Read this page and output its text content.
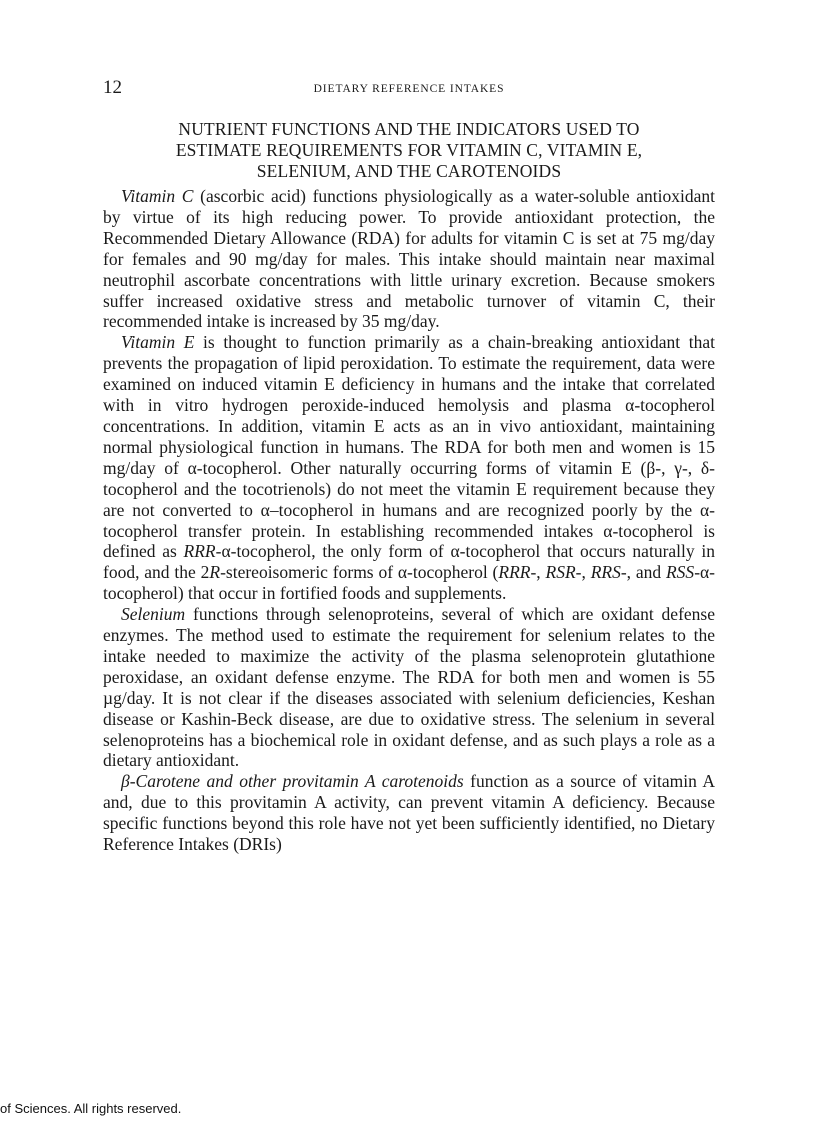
12	DIETARY REFERENCE INTAKES
NUTRIENT FUNCTIONS AND THE INDICATORS USED TO
ESTIMATE REQUIREMENTS FOR VITAMIN C, VITAMIN E,
SELENIUM, AND THE CAROTENOIDS

Vitamin C (ascorbic acid) functions physiologically as a water-soluble antioxidant by virtue of its high reducing power. To provide antioxidant protection, the Recommended Dietary Allowance (RDA) for adults for vitamin C is set at 75 mg/day for females and 90 mg/day for males. This intake should maintain near maximal neutrophil ascorbate concentrations with little urinary excretion. Because smokers suffer increased oxidative stress and metabolic turnover of vitamin C, their recommended intake is increased by 35 mg/day.

Vitamin E is thought to function primarily as a chain-breaking antioxidant that prevents the propagation of lipid peroxidation. To estimate the requirement, data were examined on induced vitamin E deficiency in humans and the intake that correlated with in vitro hydrogen peroxide-induced hemolysis and plasma α-tocopherol concentrations. In addition, vitamin E acts as an in vivo antioxidant, maintaining normal physiological function in humans. The RDA for both men and women is 15 mg/day of α-tocopherol. Other naturally occurring forms of vitamin E (β-, γ-, δ-tocopherol and the tocotrienols) do not meet the vitamin E requirement because they are not converted to α–tocopherol in humans and are recognized poorly by the α-tocopherol transfer protein. In establishing recommended intakes α-tocopherol is defined as RRR-α-tocopherol, the only form of α-tocopherol that occurs naturally in food, and the 2R-stereoisomeric forms of α-tocopherol (RRR-, RSR-, RRS-, and RSS-α-tocopherol) that occur in fortified foods and supplements.

Selenium functions through selenoproteins, several of which are oxidant defense enzymes. The method used to estimate the requirement for selenium relates to the intake needed to maximize the activity of the plasma selenoprotein glutathione peroxidase, an oxidant defense enzyme. The RDA for both men and women is 55 µg/day. It is not clear if the diseases associated with selenium deficiencies, Keshan disease or Kashin-Beck disease, are due to oxidative stress. The selenium in several selenoproteins has a biochemical role in oxidant defense, and as such plays a role as a dietary antioxidant.

β-Carotene and other provitamin A carotenoids function as a source of vitamin A and, due to this provitamin A activity, can prevent vitamin A deficiency. Because specific functions beyond this role have not yet been sufficiently identified, no Dietary Reference Intakes (DRIs)

of Sciences. All rights reserved.
